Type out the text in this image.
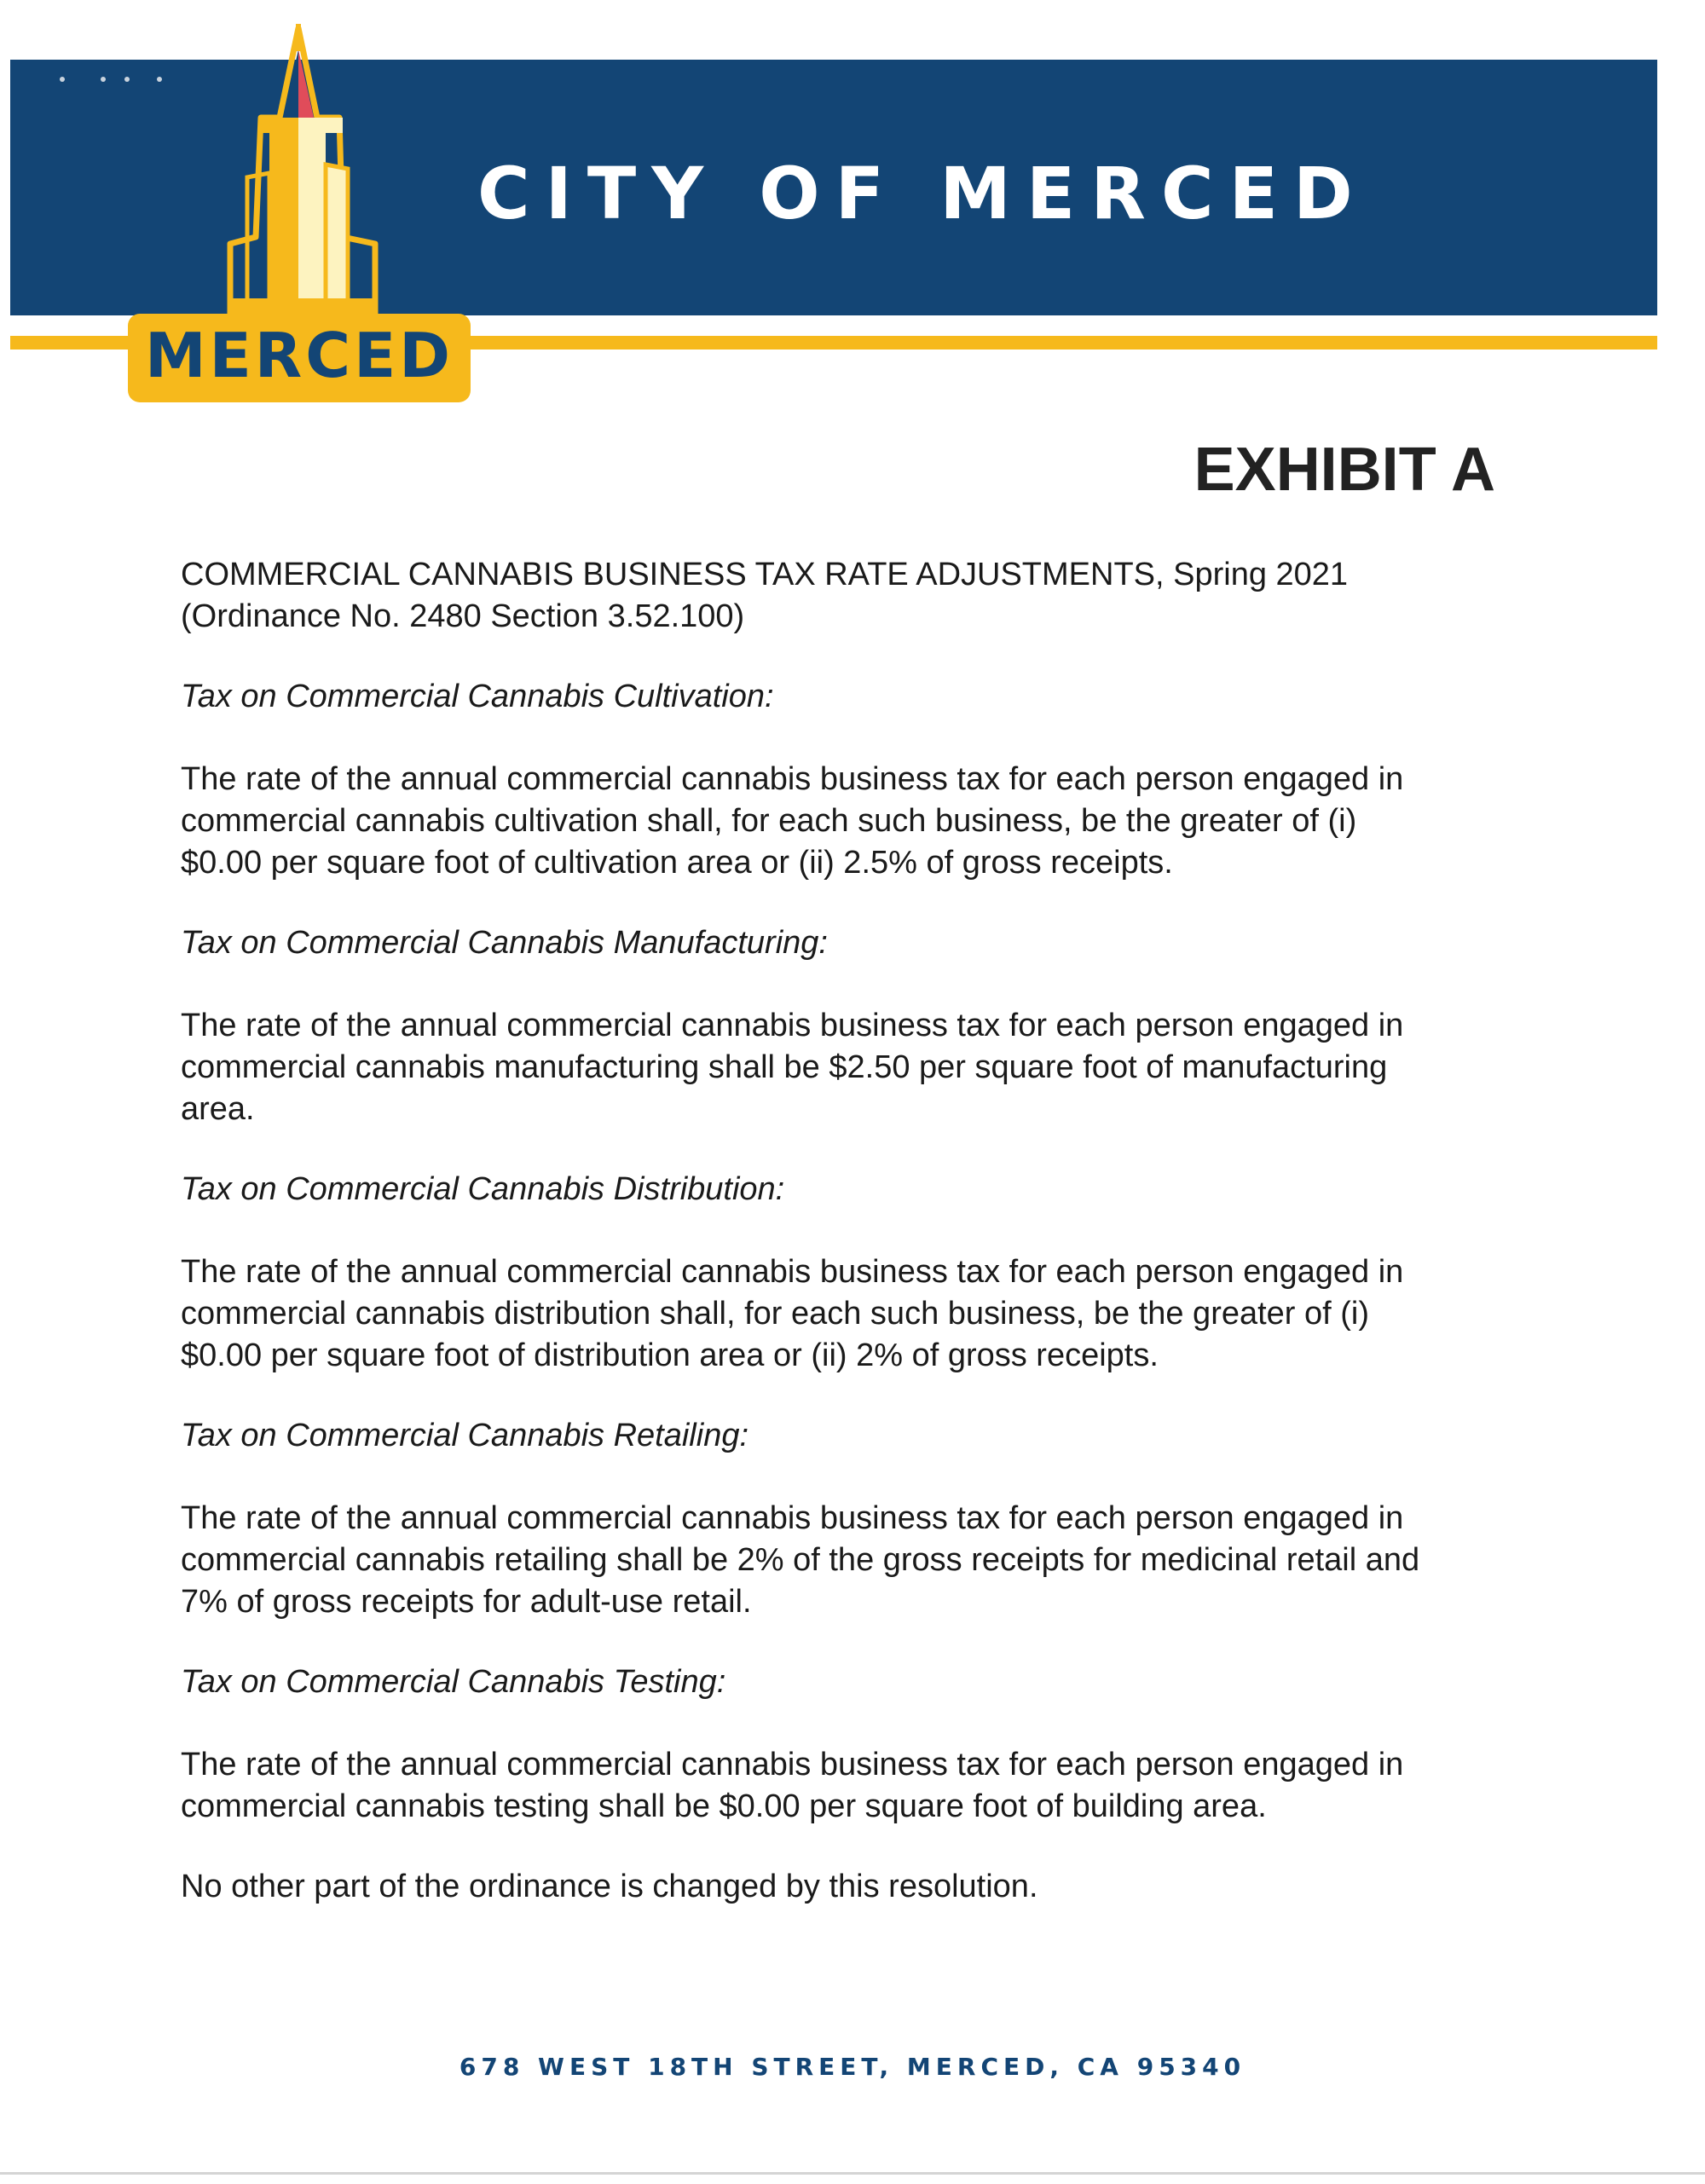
CITY OF MERCED
MERCED
EXHIBIT A

COMMERCIAL CANNABIS BUSINESS TAX RATE ADJUSTMENTS, Spring 2021

(Ordinance No. 2480 Section 3.52.100)

Tax on Commercial Cannabis Cultivation:

The rate of the annual commercial cannabis business tax for each person engaged in

commercial cannabis cultivation shall, for each such business, be the greater of (i)

$0.00 per square foot of cultivation area or (ii) 2.5% of gross receipts.

Tax on Commercial Cannabis Manufacturing:

The rate of the annual commercial cannabis business tax for each person engaged in

commercial cannabis manufacturing shall be $2.50 per square foot of manufacturing

area.

Tax on Commercial Cannabis Distribution:

The rate of the annual commercial cannabis business tax for each person engaged in

commercial cannabis distribution shall, for each such business, be the greater of (i)

$0.00 per square foot of distribution area or (ii) 2% of gross receipts.

Tax on Commercial Cannabis Retailing:

The rate of the annual commercial cannabis business tax for each person engaged in

commercial cannabis retailing shall be 2% of the gross receipts for medicinal retail and

7% of gross receipts for adult-use retail.

Tax on Commercial Cannabis Testing:

The rate of the annual commercial cannabis business tax for each person engaged in

commercial cannabis testing shall be $0.00 per square foot of building area.

No other part of the ordinance is changed by this resolution.

678 WEST 18TH STREET, MERCED, CA 95340
